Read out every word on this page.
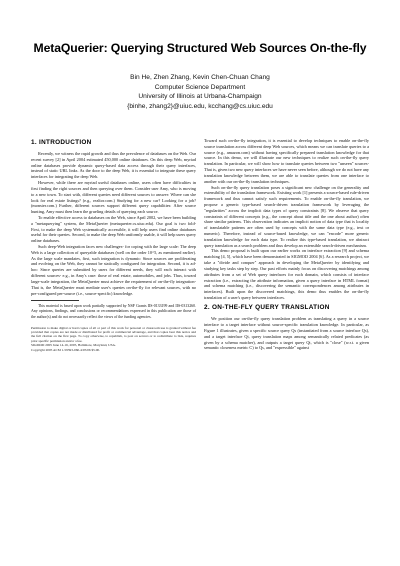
MetaQuerier: Querying Structured Web Sources On-the-fly
Bin He, Zhen Zhang, Kevin Chen-Chuan Chang
Computer Science Department
University of Illinois at Urbana-Champaign
{binhe, zhang2}@uiuc.edu, kcchang@cs.uiuc.edu
1. INTRODUCTION

Recently, we witness the rapid growth and thus the prevalence of databases on the Web. Our recent survey [2] in April 2004 estimated 450,000 online databases. On this deep Web, myriad online databases provide dynamic query-based data access through their query interfaces, instead of static URL links. As the door to the deep Web, it is essential to integrate these query interfaces for integrating the deep Web.

However, while there are myriad useful databases online, users often have difficulties in first finding the right sources and then querying over them. Consider user Amy, who is moving to a new town. To start with, different queries need different sources to answer: Where can she look for real estate listings? (e.g., realtor.com.) Studying for a new car? Looking for a job? (monster.com.) Further, different sources support different query capabilities: After source hunting, Amy must then learn the grueling details of querying each source.

To enable effective access to databases on the Web, since April 2002, we have been building a "metaquerying" system, the MetaQuerier (metaquerier.cs.uiuc.edu). Our goal is two fold- First, to make the deep Web systematically accessible, it will help users find online databases useful for their queries. Second, to make the deep Web uniformly usable, it will help users query online databases.

Such deep-Web integration faces new challenges- for coping with the large scale: The deep Web is a large collection of queryable databases (well on the order 10^5, as mentioned earlier). As the large scale mandates, first, such integration is dynamic: Since sources are proliferating and evolving on the Web, they cannot be statically configured for integration. Second, it is ad-hoc: Since queries are submitted by users for different needs, they will each interact with different sources- e.g., in Amy's case: those of real estate, automobiles, and jobs. Thus, toward large-scale integration, the MetaQuerier must achieve the requirement of on-the-fly integration- That is, the MetaQuerier must mediate user's queries on-the-fly for relevant sources, with no pre-configured per-source (i.e., source-specific) knowledge.

This material is based upon work partially supported by NSF Grants IIS-0133199 and IIS-0313260. Any opinions, findings, and conclusions or recommendations expressed in this publication are those of the author(s) and do not necessarily reflect the views of the funding agencies.

Permission to make digital or hard copies of all or part of this work for personal or classroom use is granted without fee provided that copies are not made or distributed for profit or commercial advantage, and that copies bear this notice and the full citation on the first page. To copy otherwise, to republish, to post on servers or to redistribute to lists, requires prior specific permission and/or a fee.
SIGMOD 2005 June 14-16, 2005, Baltimore, Maryland, USA.
Copyright 2005 ACM 1-59593-060-4/05/06 $5.00.

Toward such on-the-fly integration, it is essential to develop techniques to enable on-the-fly source translation across different deep Web sources, which means we can translate queries to a source (e.g., amazon.com) without having specifically prepared translation knowledge for that source. In this demo, we will illustrate our new techniques to realize such on-the-fly query translation. In particular, we will show how to translate queries between two "unseen" sources- That is, given two new query interfaces we have never seen before, although we do not have any translation knowledge between them, we are able to translate queries from one interface to another with our on-the-fly translation techniques.

Such on-the-fly query translation poses a significant new challenge on the generality and extensibility of the translation framework. Existing work [1] presents a source-based rule-driven framework and thus cannot satisfy such requirements. To enable on-the-fly translation, we propose a generic type-based search-driven translation framework by leveraging the "regularities" across the implicit data types of query constraints [8]. We observe that query constraints of different concepts (e.g., the concept about title and the one about author) often share similar patterns. This observation indicates an implicit notion of data type that is locality of translatable patterns are often used by concepts with the same data type (e.g., text or numeric). Therefore, instead of source-based knowledge, we can "encode" more generic translation knowledge for each data type. To realize this type-based translation, we abstract query translation as a search problem and thus develop an extensible search-driven mechanism.

This demo proposal is built upon our earlier works on interface extraction [9] and schema matching [4, 5], which have been demonstrated in SIGMOD 2004 [6]. As a research project, we take a "divide and conquer" approach in developing the MetaQuerier by identifying and studying key tasks step by step. Our past efforts mainly focus on discovering matchings among attributes from a set of Web query interfaces for each domain, which consists of interface extraction (i.e., extracting the attribute information, given a query interface in HTML format) and schema matching (i.e., discovering the semantic correspondences among attributes in interfaces). Built upon the discovered matchings, this demo thus enables the on-the-fly translation of a user's query between interfaces.

2. ON-THE-FLY QUERY TRANSLATION

We position our on-the-fly query translation problem as translating a query in a source interface to a target interface without source-specific translation knowledge. In particular, as Figure 1 illustrates, given a specific source query Qs (instantiated from a source interface Qs), and a target interface Qt, query translation maps among semantically related predicates (as given by a schema matcher), and outputs a target query Qt, which is "close" (w.r.t. a given semantic closeness metric C) to Qs, and "expressible" against
